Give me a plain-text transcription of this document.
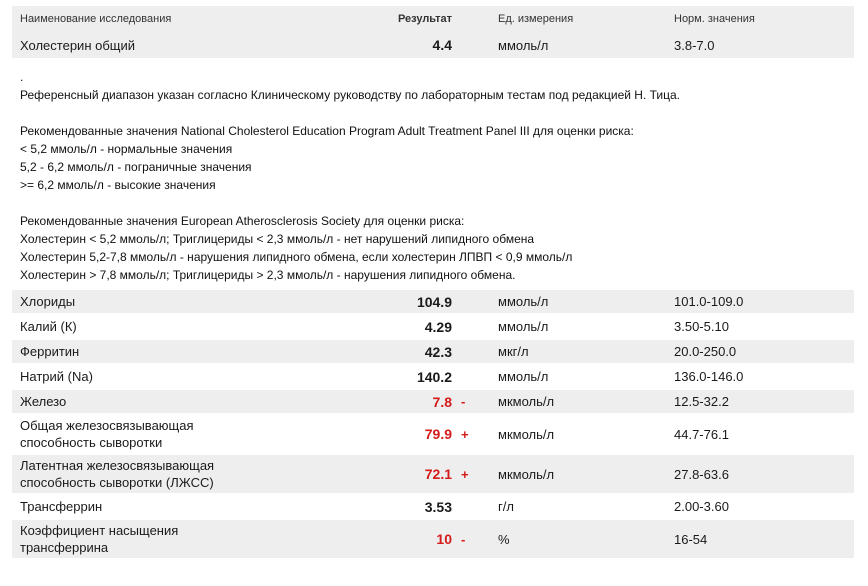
Наименование исследования	Результат	Ед. измерения	Норм. значения
Холестерин общий	4.4	ммоль/л	3.8-7.0
.
Референсный диапазон указан согласно Клиническому руководству по лабораторным тестам под редакцией Н. Тица.
Рекомендованные значения National Cholesterol Education Program Adult Treatment Panel III для оценки риска:
< 5,2 ммоль/л - нормальные значения
5,2 - 6,2 ммоль/л - пограничные значения
>= 6,2 ммоль/л - высокие значения
Рекомендованные значения European Atherosclerosis Society для оценки риска:
Холестерин < 5,2 ммоль/л; Триглицериды < 2,3 ммоль/л - нет нарушений липидного обмена
Холестерин 5,2-7,8 ммоль/л - нарушения липидного обмена, если холестерин ЛПВП < 0,9 ммоль/л
Холестерин > 7,8 ммоль/л; Триглицериды > 2,3 ммоль/л - нарушения липидного обмена.
Хлориды	104.9	ммоль/л	101.0-109.0
Калий (К)	4.29	ммоль/л	3.50-5.10
Ферритин	42.3	мкг/л	20.0-250.0
Натрий (Na)	140.2	ммоль/л	136.0-146.0
Железо	7.8 -	мкмоль/л	12.5-32.2
Общая железосвязывающая
способность сыворотки
79.9 +	мкмоль/л	44.7-76.1
Латентная железосвязывающая
способность сыворотки (ЛЖСС)
72.1 +	мкмоль/л	27.8-63.6
Трансферрин	3.53	г/л	2.00-3.60
Коэффициент насыщения
трансферрина
10 -	%	16-54
